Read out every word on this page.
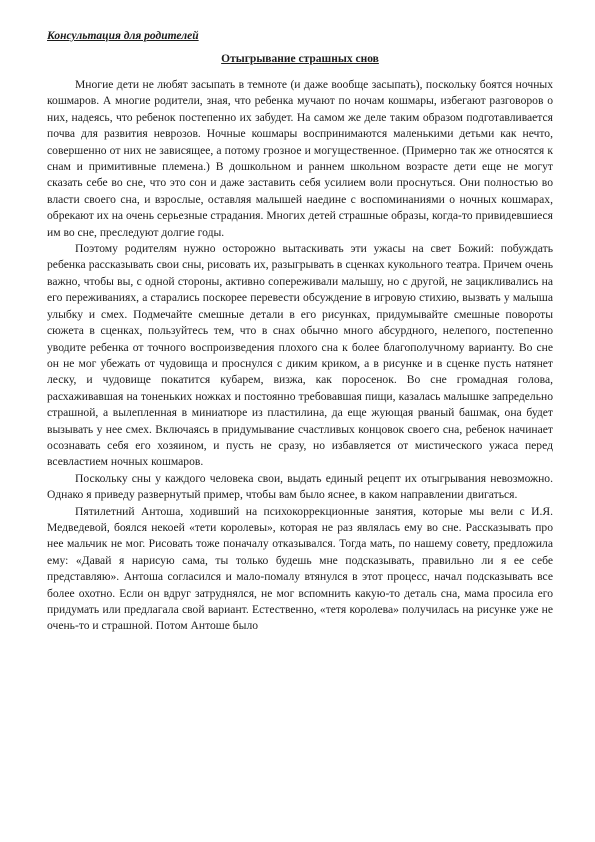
Консультация для родителей
Отыгрывание страшных снов

Многие дети не любят засыпать в темноте (и даже вообще засыпать), поскольку боятся ночных кошмаров. А многие родители, зная, что ребенка мучают по ночам кошмары, избегают разговоров о них, надеясь, что ребенок постепенно их забудет. На самом же деле таким образом подготавливается почва для развития неврозов. Ночные кошмары воспринимаются маленькими детьми как нечто, совершенно от них не зависящее, а потому грозное и могущественное. (Примерно так же относятся к снам и примитивные племена.) В дошкольном и раннем школьном возрасте дети еще не могут сказать себе во сне, что это сон и даже заставить себя усилием воли проснуться. Они полностью во власти своего сна, и взрослые, оставляя малышей наедине с воспоминаниями о ночных кошмарах, обрекают их на очень серьезные страдания. Многих детей страшные образы, когда-то привидевшиеся им во сне, преследуют долгие годы.

Поэтому родителям нужно осторожно вытаскивать эти ужасы на свет Божий: побуждать ребенка рассказывать свои сны, рисовать их, разыгрывать в сценках кукольного театра. Причем очень важно, чтобы вы, с одной стороны, активно сопереживали малышу, но с другой, не зацикливались на его переживаниях, а старались поскорее перевести обсуждение в игровую стихию, вызвать у малыша улыбку и смех. Подмечайте смешные детали в его рисунках, придумывайте смешные повороты сюжета в сценках, пользуйтесь тем, что в снах обычно много абсурдного, нелепого, постепенно уводите ребенка от точного воспроизведения плохого сна к более благополучному варианту. Во сне он не мог убежать от чудовища и проснулся с диким криком, а в рисунке и в сценке пусть натянет леску, и чудовище покатится кубарем, визжа, как поросенок. Во сне громадная голова, расхаживавшая на тоненьких ножках и постоянно требовавшая пищи, казалась малышке запредельно страшной, а вылепленная в миниатюре из пластилина, да еще жующая рваный башмак, она будет вызывать у нее смех. Включаясь в придумывание счастливых концовок своего сна, ребенок начинает осознавать себя его хозяином, и пусть не сразу, но избавляется от мистического ужаса перед всевластием ночных кошмаров.

Поскольку сны у каждого человека свои, выдать единый рецепт их отыгрывания невозможно. Однако я приведу развернутый пример, чтобы вам было яснее, в каком направлении двигаться.

Пятилетний Антоша, ходивший на психокоррекционные занятия, которые мы вели с И.Я. Медведевой, боялся некоей «тети королевы», которая не раз являлась ему во сне. Рассказывать про нее мальчик не мог. Рисовать тоже поначалу отказывался. Тогда мать, по нашему совету, предложила ему: «Давай я нарисую сама, ты только будешь мне подсказывать, правильно ли я ее себе представляю». Антоша согласился и мало-помалу втянулся в этот процесс, начал подсказывать все более охотно. Если он вдруг затруднялся, не мог вспомнить какую-то деталь сна, мама просила его придумать или предлагала свой вариант. Естественно, «тетя королева» получилась на рисунке уже не очень-то и страшной. Потом Антоше было
